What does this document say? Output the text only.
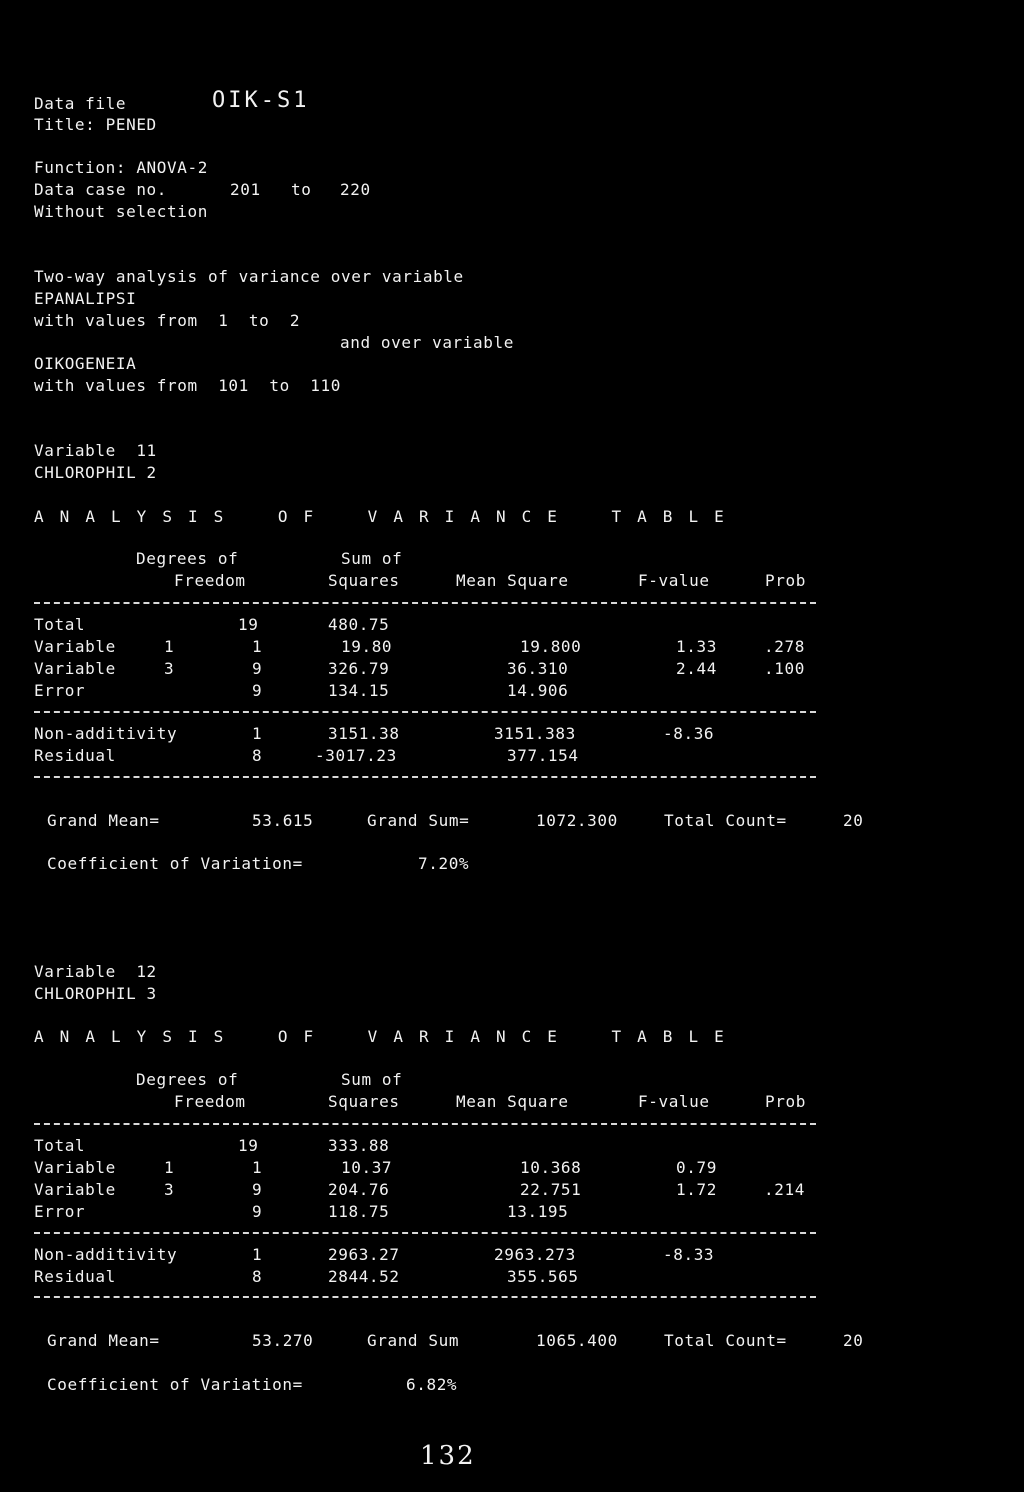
Data file	OIK-S1
Title: PENED
Function: ANOVA-2
Data case no.	201 to 220
Without selection
Two-way analysis of variance over variable
EPANALIPSI
with values from  1  to  2
and over variable
OIKOGENEIA
with values from  101  to  110
Variable  11
CHLOROPHIL 2
A N A L Y S I S    O F    V A R I A N C E    T A B L E
Degrees of	Sum of
Freedom	Squares	Mean Square	F-value	Prob
Total	19	480.75
Variable	1	1	19.80	19.800	1.33	.278
Variable	3	9	326.79	36.310	2.44	.100
Error	9	134.15	14.906
Non-additivity	1	3151.38	3151.383	-8.36
Residual	8	-3017.23	377.154
Grand Mean=	53.615	Grand Sum=	1072.300	Total Count=	20
Coefficient of Variation=	7.20%
Variable  12
CHLOROPHIL 3
A N A L Y S I S    O F    V A R I A N C E    T A B L E
Degrees of	Sum of
Freedom	Squares	Mean Square	F-value	Prob
Total	19	333.88
Variable	1	1	10.37	10.368	0.79
Variable	3	9	204.76	22.751	1.72	.214
Error	9	118.75	13.195
Non-additivity	1	2963.27	2963.273	-8.33
Residual	8	2844.52	355.565
Grand Mean=	53.270	Grand Sum	1065.400	Total Count=	20
Coefficient of Variation=	6.82%
132
